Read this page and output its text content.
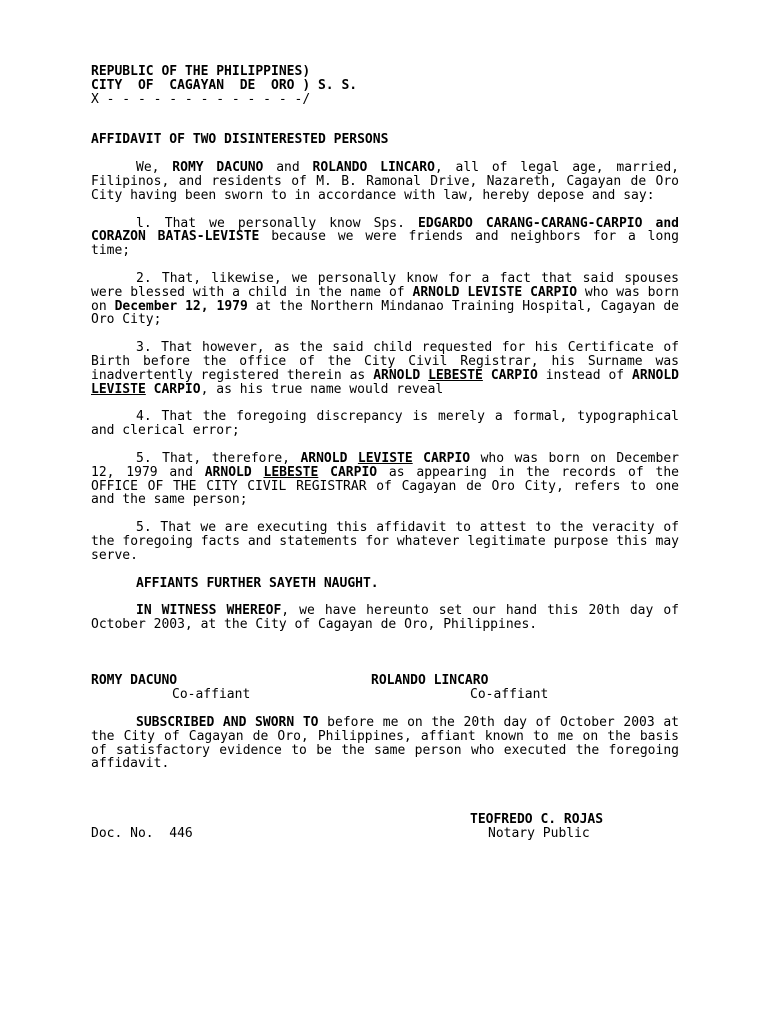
REPUBLIC OF THE PHILIPPINES)

CITY  OF  CAGAYAN  DE  ORO ) S. S.

X - - - - - - - - - - - - -/

AFFIDAVIT OF TWO DISINTERESTED PERSONS

We, ROMY DACUNO and ROLANDO LINCARO, all of legal age, married, Filipinos, and residents of M. B. Ramonal Drive, Nazareth, Cagayan de Oro City having been sworn to in accordance with law, hereby depose and say:

l. That we personally know Sps. EDGARDO CARANG-CARANG-CARPIO and CORAZON BATAS-LEVISTE because we were friends and neighbors for a long time;

2. That, likewise, we personally know for a fact that said spouses were blessed with a child in the name of ARNOLD LEVISTE CARPIO who was born on December 12, 1979 at the Northern Mindanao Training Hospital, Cagayan de Oro City;

3. That however, as the said child requested for his Certificate of Birth before the office of the City Civil Registrar, his Surname was inadvertently registered therein as ARNOLD LEBESTE CARPIO instead of ARNOLD LEVISTE CARPIO, as his true name would reveal

4. That the foregoing discrepancy is merely a formal, typographical and clerical error;

5. That, therefore, ARNOLD LEVISTE CARPIO who was born on December 12, 1979 and ARNOLD LEBESTE CARPIO as appearing in the records of the OFFICE OF THE CITY CIVIL REGISTRAR of Cagayan de Oro City, refers to one and the same person;

5. That we are executing this affidavit to attest to the veracity of the foregoing facts and statements for whatever legitimate purpose this may serve.

AFFIANTS FURTHER SAYETH NAUGHT.

IN WITNESS WHEREOF, we have hereunto set our hand this 20th day of October 2003, at the City of Cagayan de Oro, Philippines.

ROMY DACUNO
Co-affiant
ROLANDO LINCARO
Co-affiant

SUBSCRIBED AND SWORN TO before me on the 20th day of October 2003 at the City of Cagayan de Oro, Philippines, affiant known to me on the basis of satisfactory evidence to be the same person who executed the foregoing affidavit.

TEOFREDO C. ROJAS
Notary Public
Doc. No.  446
